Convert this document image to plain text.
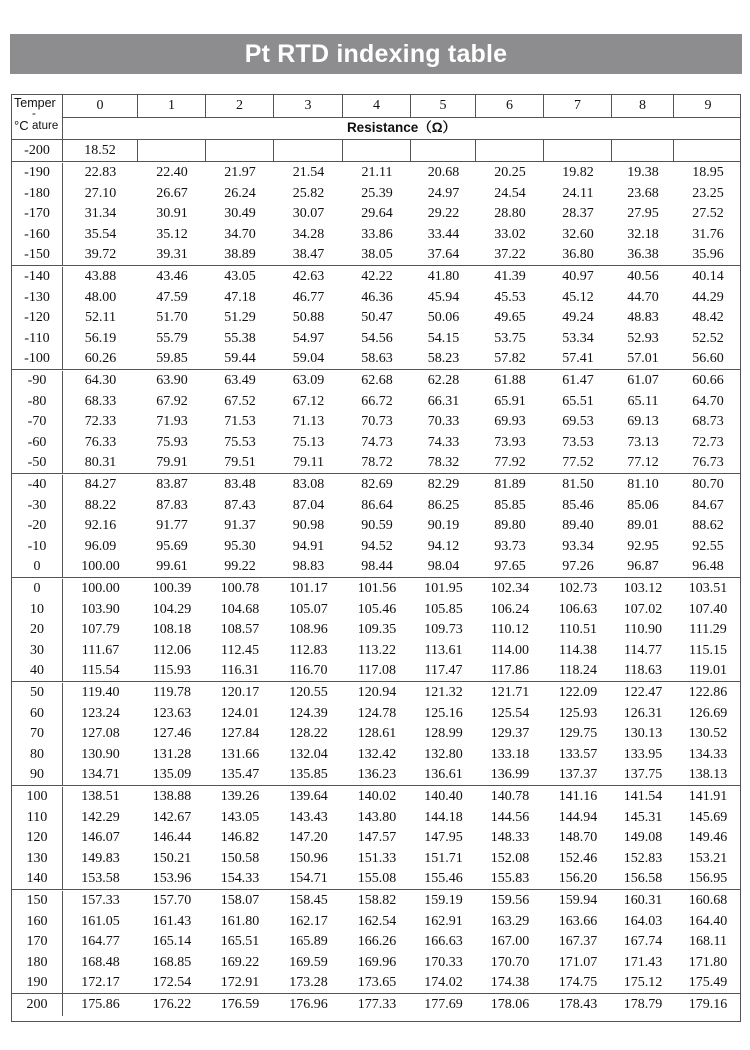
Pt RTD indexing table
Temper
-ature
°C
0	1	2	3	4	5	6	7	8	9
Resistance（Ω）
-200	18.52
-190	22.83	22.40	21.97	21.54	21.11	20.68	20.25	19.82	19.38	18.95
-180	27.10	26.67	26.24	25.82	25.39	24.97	24.54	24.11	23.68	23.25
-170	31.34	30.91	30.49	30.07	29.64	29.22	28.80	28.37	27.95	27.52
-160	35.54	35.12	34.70	34.28	33.86	33.44	33.02	32.60	32.18	31.76
-150	39.72	39.31	38.89	38.47	38.05	37.64	37.22	36.80	36.38	35.96
-140	43.88	43.46	43.05	42.63	42.22	41.80	41.39	40.97	40.56	40.14
-130	48.00	47.59	47.18	46.77	46.36	45.94	45.53	45.12	44.70	44.29
-120	52.11	51.70	51.29	50.88	50.47	50.06	49.65	49.24	48.83	48.42
-110	56.19	55.79	55.38	54.97	54.56	54.15	53.75	53.34	52.93	52.52
-100	60.26	59.85	59.44	59.04	58.63	58.23	57.82	57.41	57.01	56.60
-90	64.30	63.90	63.49	63.09	62.68	62.28	61.88	61.47	61.07	60.66
-80	68.33	67.92	67.52	67.12	66.72	66.31	65.91	65.51	65.11	64.70
-70	72.33	71.93	71.53	71.13	70.73	70.33	69.93	69.53	69.13	68.73
-60	76.33	75.93	75.53	75.13	74.73	74.33	73.93	73.53	73.13	72.73
-50	80.31	79.91	79.51	79.11	78.72	78.32	77.92	77.52	77.12	76.73
-40	84.27	83.87	83.48	83.08	82.69	82.29	81.89	81.50	81.10	80.70
-30	88.22	87.83	87.43	87.04	86.64	86.25	85.85	85.46	85.06	84.67
-20	92.16	91.77	91.37	90.98	90.59	90.19	89.80	89.40	89.01	88.62
-10	96.09	95.69	95.30	94.91	94.52	94.12	93.73	93.34	92.95	92.55
0	100.00	99.61	99.22	98.83	98.44	98.04	97.65	97.26	96.87	96.48
0	100.00	100.39	100.78	101.17	101.56	101.95	102.34	102.73	103.12	103.51
10	103.90	104.29	104.68	105.07	105.46	105.85	106.24	106.63	107.02	107.40
20	107.79	108.18	108.57	108.96	109.35	109.73	110.12	110.51	110.90	111.29
30	111.67	112.06	112.45	112.83	113.22	113.61	114.00	114.38	114.77	115.15
40	115.54	115.93	116.31	116.70	117.08	117.47	117.86	118.24	118.63	119.01
50	119.40	119.78	120.17	120.55	120.94	121.32	121.71	122.09	122.47	122.86
60	123.24	123.63	124.01	124.39	124.78	125.16	125.54	125.93	126.31	126.69
70	127.08	127.46	127.84	128.22	128.61	128.99	129.37	129.75	130.13	130.52
80	130.90	131.28	131.66	132.04	132.42	132.80	133.18	133.57	133.95	134.33
90	134.71	135.09	135.47	135.85	136.23	136.61	136.99	137.37	137.75	138.13
100	138.51	138.88	139.26	139.64	140.02	140.40	140.78	141.16	141.54	141.91
110	142.29	142.67	143.05	143.43	143.80	144.18	144.56	144.94	145.31	145.69
120	146.07	146.44	146.82	147.20	147.57	147.95	148.33	148.70	149.08	149.46
130	149.83	150.21	150.58	150.96	151.33	151.71	152.08	152.46	152.83	153.21
140	153.58	153.96	154.33	154.71	155.08	155.46	155.83	156.20	156.58	156.95
150	157.33	157.70	158.07	158.45	158.82	159.19	159.56	159.94	160.31	160.68
160	161.05	161.43	161.80	162.17	162.54	162.91	163.29	163.66	164.03	164.40
170	164.77	165.14	165.51	165.89	166.26	166.63	167.00	167.37	167.74	168.11
180	168.48	168.85	169.22	169.59	169.96	170.33	170.70	171.07	171.43	171.80
190	172.17	172.54	172.91	173.28	173.65	174.02	174.38	174.75	175.12	175.49
200	175.86	176.22	176.59	176.96	177.33	177.69	178.06	178.43	178.79	179.16
